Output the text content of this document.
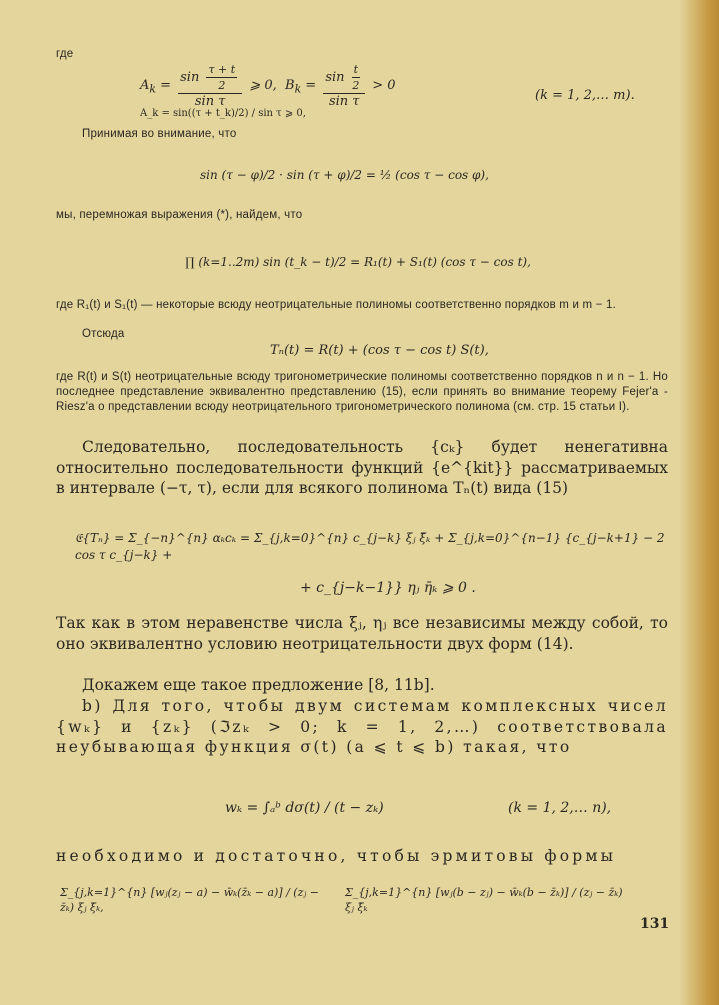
где
$A_k = \frac{\sin \frac{\tau + t}{2}}{\text{sin τ}}$ ⩾ 0, $B_k = \frac{\sin \frac{t}{2}}{\text{sin τ}} > 0$
(k = 1, 2,… m).
A_k = sin((τ + t_k)/2) / sin τ ⩾ 0,
Принимая во внимание, что
sin (τ − φ)/2 · sin (τ + φ)/2 = ½ (cos τ − cos φ),
мы, перемножая выражения (*), найдем, что
∏ (k=1..2m) sin (t_k − t)/2 = R₁(t) + S₁(t) (cos τ − cos t),
где R₁(t) и S₁(t) — некоторые всюду неотрицательные полиномы соответственно порядков m и m − 1.
Отсюда
Tₙ(t) = R(t) + (cos τ − cos t) S(t),
где R(t) и S(t) неотрицательные всюду тригонометрические полиномы соответственно порядков n и n − 1. Но последнее представление эквивалентно представлению (15), если принять во внимание теорему Fejer'a - Riesz'a о представлении всюду неотрицательного тригонометрического полинома (см. стр. 15 статьи I).
Следовательно, последовательность {cₖ} будет ненегативна относительно последовательности функций {e^{kit}} рассматриваемых в интервале (−τ, τ), если для всякого полинома Tₙ(t) вида (15)
𝔈{Tₙ} = Σ_{−n}^{n} αₖcₖ = Σ_{j,k=0}^{n} c_{j−k} ξⱼ ξ̄ₖ + Σ_{j,k=0}^{n−1} {c_{j−k+1} − 2 cos τ c_{j−k} +
+ c_{j−k−1}} ηⱼ η̄ₖ ⩾ 0 .
Так как в этом неравенстве числа ξⱼ, ηⱼ все независимы между собой, то оно эквивалентно условию неотрицательности двух форм (14).
Докажем еще такое предложение [8, 11b].
b) Для того, чтобы двум системам комплексных чисел {wₖ} и {zₖ} (ℑzₖ > 0; k = 1, 2,…) соответствовала неубывающая функция σ(t) (a ⩽ t ⩽ b) такая, что
wₖ = ∫ₐᵇ dσ(t) / (t − zₖ)	(k = 1, 2,… n),
необходимо и достаточно, чтобы эрмитовы формы
Σ_{j,k=1}^{n} [wⱼ(zⱼ − a) − w̄ₖ(z̄ₖ − a)] / (zⱼ − z̄ₖ) ξⱼ ξ̄ₖ,
Σ_{j,k=1}^{n} [wⱼ(b − zⱼ) − w̄ₖ(b − z̄ₖ)] / (zⱼ − z̄ₖ) ξⱼ ξ̄ₖ
131
